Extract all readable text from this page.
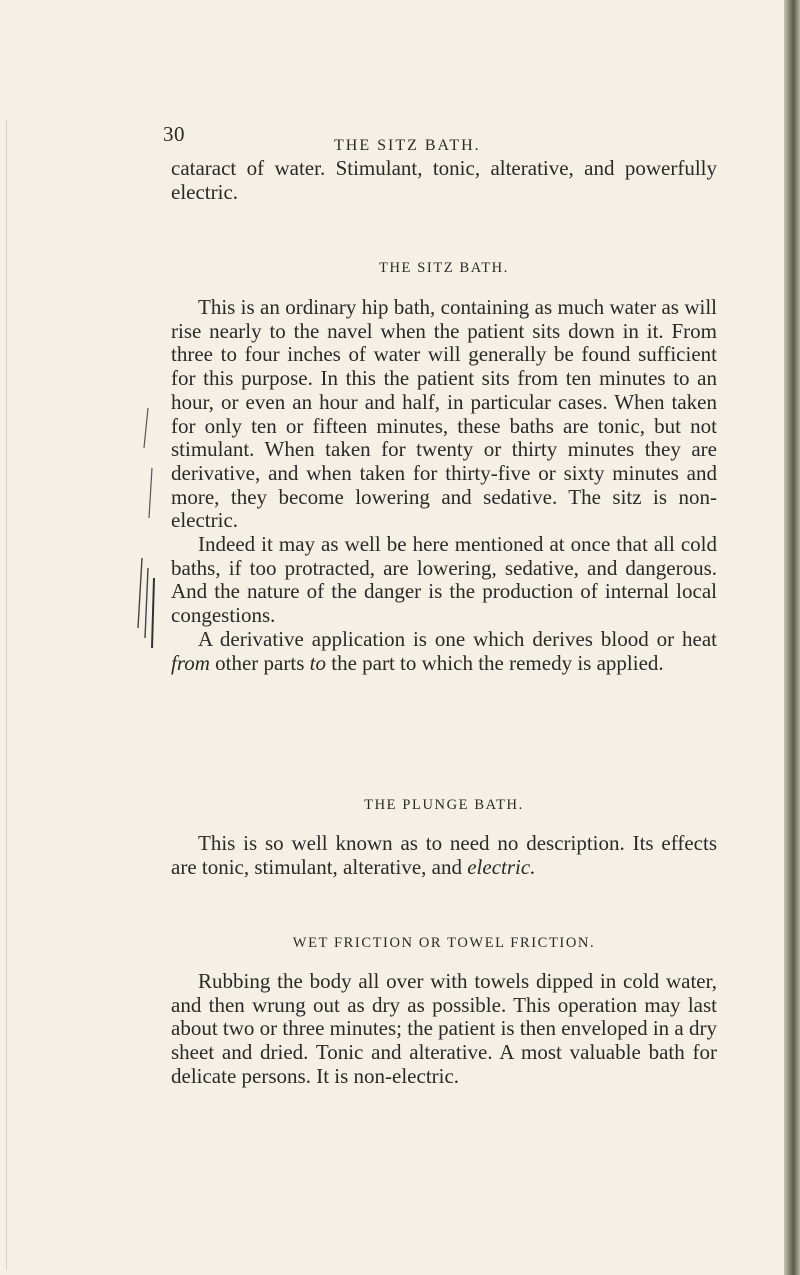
30	THE SITZ BATH.

cataract of water. Stimulant, tonic, alterative, and powerfully electric.

THE SITZ BATH.

This is an ordinary hip bath, containing as much water as will rise nearly to the navel when the patient sits down in it. From three to four inches of water will generally be found sufficient for this purpose. In this the patient sits from ten minutes to an hour, or even an hour and half, in particular cases. When taken for only ten or fifteen minutes, these baths are tonic, but not stimulant. When taken for twenty or thirty minutes they are derivative, and when taken for thirty-five or sixty minutes and more, they become lowering and sedative. The sitz is non-electric.

Indeed it may as well be here mentioned at once that all cold baths, if too protracted, are lowering, sedative, and dangerous. And the nature of the danger is the production of internal local congestions.

A derivative application is one which derives blood or heat from other parts to the part to which the remedy is applied.

THE PLUNGE BATH.

This is so well known as to need no description. Its effects are tonic, stimulant, alterative, and electric.

WET FRICTION OR TOWEL FRICTION.

Rubbing the body all over with towels dipped in cold water, and then wrung out as dry as possible. This operation may last about two or three minutes; the patient is then enveloped in a dry sheet and dried. Tonic and alterative. A most valuable bath for delicate persons. It is non-electric.
